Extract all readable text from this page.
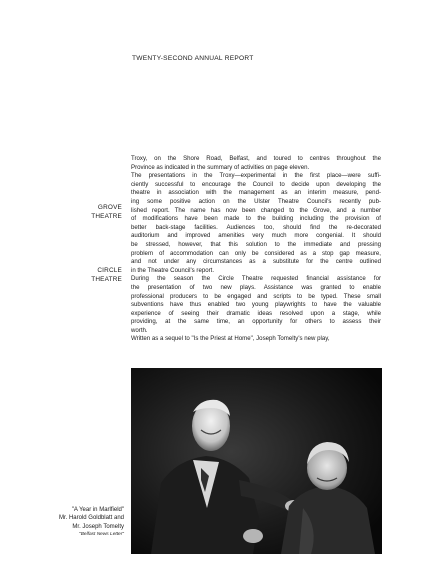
TWENTY-SECOND ANNUAL REPORT
GROVE
THEATRE
CIRCLE
THEATRE
Troxy, on the Shore Road, Belfast, and toured to centres throughout the
Province as indicated in the summary of activities on page eleven.
The presentations in the Troxy—experimental in the first place—were suffi-
ciently successful to encourage the Council to decide upon developing the
theatre in association with the management as an interim measure, pend-
ing some positive action on the Ulster Theatre Council's recently pub-
lished report. The name has now been changed to the Grove, and a number
of modifications have been made to the building including the provision of
better back-stage facilities. Audiences too, should find the re-decorated
auditorium and improved amenities very much more congenial. It should
be stressed, however, that this solution to the immediate and pressing
problem of accommodation can only be considered as a stop gap measure,
and not under any circumstances as a substitute for the centre outlined
in the Theatre Council's report.
During the season the Circle Theatre requested financial assistance for
the presentation of two new plays. Assistance was granted to enable
professional producers to be engaged and scripts to be typed. These small
subventions have thus enabled two young playwrights to have the valuable
experience of seeing their dramatic ideas resolved upon a stage, while
providing, at the same time, an opportunity for others to assess their
worth.
Written as a sequel to "Is the Priest at Home", Joseph Tomelty's new play,
"A Year in Marlfield"
Mr. Harold Goldblatt and
Mr. Joseph Tomelty
"Belfast News Letter"
